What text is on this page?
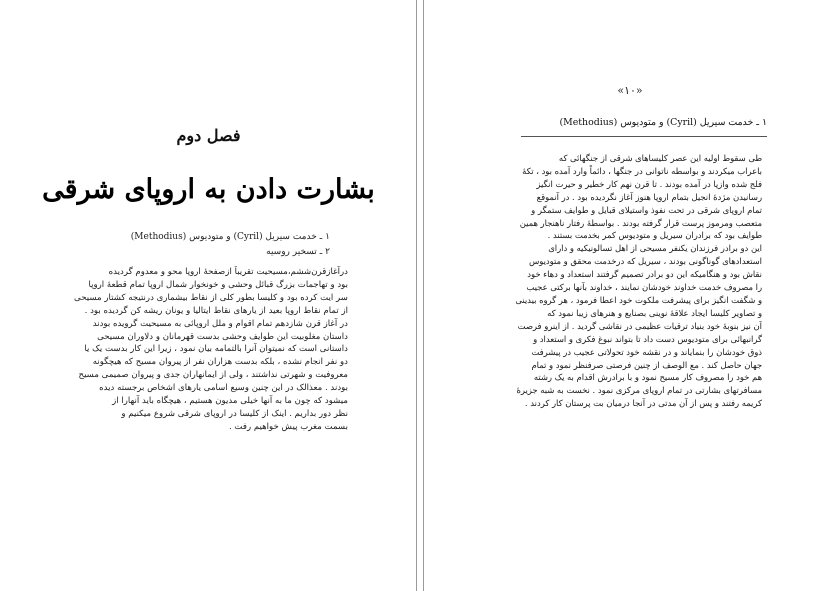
فصل دوم
بشارت دادن به اروپای شرقی
۱ ـ خدمت سیریل (Cyril) و متودیوس (Methodius)
۲ ـ تسخیر روسیه

درآغازقرن‌ششم‌،مسیحیت تقریباً ازصفحهٔ اروپا محو و معدوم گردیده

بود و تهاجمات بزرگ قبائل وحشی و خونخوار شمال اروپا تمام قطعهٔ اروپا

سر ایت کرده بود و کلیسا بطور کلی از نقاط بیشماری درنتیجه کشتار مسیحی

از تمام نقاط اروپا بعید از یارهای نقاط ایتالیا و یونان ریشه کن گردیده بود .

در آغاز قرن شازدهم تمام اقوام و ملل اروپائی به مسیحیت گرویده بودند

داستان مغلوبیت این طوایف وحشی بدست قهرمانان و دلاوران مسیحی

داستانی است که نمیتوان آنرا بالتمامه بیان نمود ، زیرا این کار بدست یک یا

دو نفر انجام نشده ، بلکه بدست هزاران نفر از پیروان مسیح که هیچگونه

معروفیت و شهرتی نداشتند ، ولی از ایمانهاران جدی و پیروان صمیمی مسیح

بودند . معذالک در این چنین وسیع اسامی یارهای اشخاص برجسته دیده

میشود که چون ما به آنها خیلی مدیون هستیم ، هیچگاه باید آنهارا از

نظر دور بداریم . اینک از کلیسا در اروپای شرقی شروع میکنیم و

بسمت مغرب پیش خواهیم رفت .

«۱۰»
۱ ـ خدمت سیریل (Cyril) و متودیوس (Methodius)

طی سقوط اولیه این عصر کلیساهای شرقی از جنگهائی که

باعراب میکردند و بواسطه ناتوانی در جنگها ، دائماً وارد آمده بود ، تکهٔ

فلج شده وازپا در آمده بودند . تا قرن نهم کار خطیر و حیرت انگیز

رسانیدن مژدهٔ انجیل بتمام اروپا هنوز آغاز نگردیده بود . در آنموقع

تمام اروپای شرقی در تحت نفوذ واستیلای قبایل و طوایف ستمگر و

متعصب ومرموز پرست قرار گرفته بودند . بواسطهٔ رفتار ناهنجار همین

طوایف بود که برادران سیریل و متودیوس کمر بخدمت بستند .

این دو برادر فرزندان یکنفر مسیحی از اهل تسالونیکیه و دارای

استعدادهای گوناگونی بودند ، سیریل که درخدمت محقق و متودیوس

نقاش بود و هنگامیکه این دو برادر تصمیم گرفتند استعداد و دهاء خود

را مصروف خدمت خداوند خودشان نمایند ، خداوند بآنها برکتی عجیب

و شگفت انگیز برای پیشرفت ملکوت خود اعطا فرمود ، هر گروه بیدینی

و تصاویر کلیسا ایجاد علاقهٔ نوینی بصنایع و هنرهای زیبا نمود که

آن نیز بنوبهٔ خود بنیاد ترقیات عظیمی در نقاشی گردید . از اینرو فرصت

گرانبهائی برای متودیوس دست داد تا بتواند نبوغ فکری و استعداد و

ذوق خودشان را بنمایاند و در نقشه خود تحولاتی عجیب در پیشرفت

جهان حاصل کند . مع الوصف از چنین فرصتی صرفنظر نمود و تمام

هم خود را مصروف کار مسیح نمود و با برادرش اقدام به یک رشته

مسافرتهای بشارتی در تمام اروپای مرکزی نمود . نخست به شبه جزیرهٔ

کریمه رفتند و پس از آن مدتی در آنجا درمیان بت پرستان کار کردند .
